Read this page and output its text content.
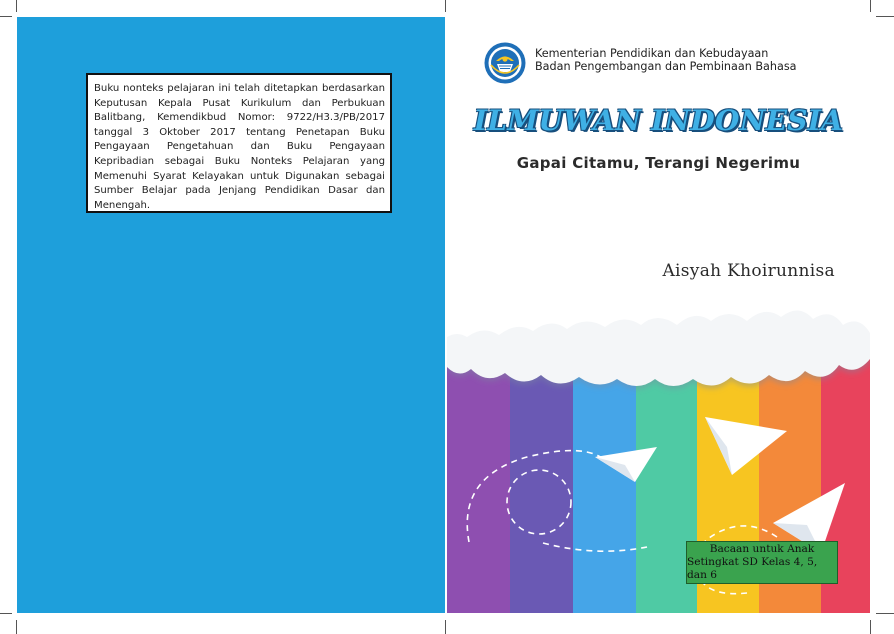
Buku nonteks pelajaran ini telah ditetapkan berdasarkan Keputusan Kepala Pusat Kurikulum dan Perbukuan Balitbang, Kemendikbud Nomor: 9722/H3.3/PB/2017 tanggal 3 Oktober 2017 tentang Penetapan Buku Pengayaan Pengetahuan dan Buku Pengayaan Kepribadian sebagai Buku Nonteks Pelajaran yang Memenuhi Syarat Kelayakan untuk Digunakan sebagai Sumber Belajar pada Jenjang Pendidikan Dasar dan Menengah.
Kementerian Pendidikan dan Kebudayaan
Badan Pengembangan dan Pembinaan Bahasa
ILMUWAN INDONESIA
Gapai Citamu, Terangi Negerimu
Aisyah Khoirunnisa
Bacaan untuk Anak
Setingkat SD Kelas 4, 5, dan 6
